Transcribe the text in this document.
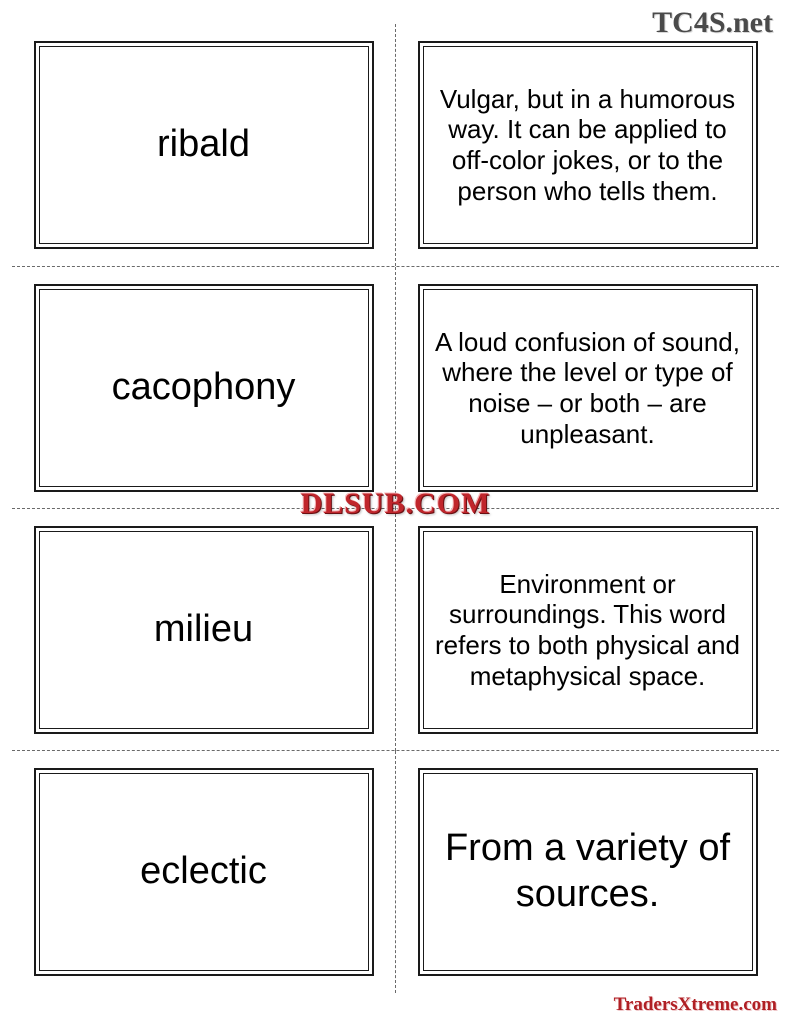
TC4S.net
ribald
Vulgar, but in a humorous way. It can be applied to off-color jokes, or to the person who tells them.
cacophony
A loud confusion of sound, where the level or type of noise – or both – are unpleasant.
milieu
Environment or surroundings. This word refers to both physical and metaphysical space.
eclectic
From a variety of sources.
DLSUB.COM
TradersXtreme.com
